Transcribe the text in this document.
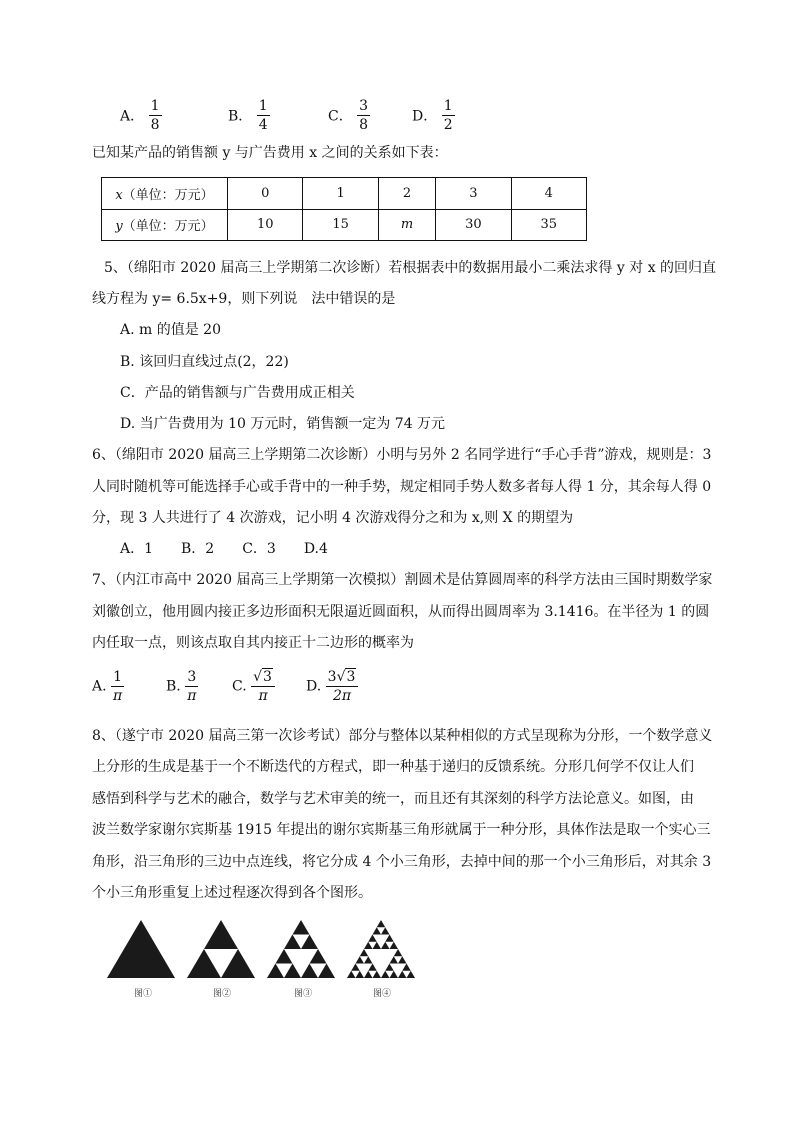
A． $\frac{1}{8}$	B． $\frac{1}{4}$	C． $\frac{3}{8}$	D． $\frac{1}{2}$
已知某产品的销售额 y 与广告费用 x 之间的关系如下表：
x（单位：万元）	0	1	2	3	4
y（单位：万元）	10	15	m	30	35
5、（绵阳市 2020 届高三上学期第二次诊断）若根据表中的数据用最小二乘法求得 y 对 x 的回归直
线方程为 y= 6.5x+9，则下列说　法中错误的是
A. m 的值是 20
B. 该回归直线过点(2，22)
C．产品的销售额与广告费用成正相关
D. 当广告费用为 10 万元时，销售额一定为 74 万元
6、（绵阳市 2020 届高三上学期第二次诊断）小明与另外 2 名同学进行“手心手背”游戏，规则是：3
人同时随机等可能选择手心或手背中的一种手势，规定相同手势人数多者每人得 1 分，其余每人得 0
分，现 3 人共进行了 4 次游戏，记小明 4 次游戏得分之和为 x,则 X 的期望为
A．1　　B．2　　C．3　　D.4
7、（内江市高中 2020 届高三上学期第一次模拟）割圆术是估算圆周率的科学方法由三国时期数学家
刘徽创立，他用圆内接正多边形面积无限逼近圆面积，从而得出圆周率为 3.1416。在半径为 1 的圆
内任取一点，则该点取自其内接正十二边形的概率为
A. $\frac{1}{\pi}$	B. $\frac{3}{\pi} C$. $\frac{√ 3}{\pi} D$. $\frac{3 √ 3}{2\pi}$
8、（遂宁市 2020 届高三第一次诊考试）部分与整体以某种相似的方式呈现称为分形，一个数学意义
上分形的生成是基于一个不断迭代的方程式，即一种基于递归的反馈系统。分形几何学不仅让人们
感悟到科学与艺术的融合，数学与艺术审美的统一，而且还有其深刻的科学方法论意义。如图，由
波兰数学家谢尔宾斯基 1915 年提出的谢尔宾斯基三角形就属于一种分形，具体作法是取一个实心三
角形，沿三角形的三边中点连线，将它分成 4 个小三角形，去掉中间的那一个小三角形后，对其余 3
个小三角形重复上述过程逐次得到各个图形。
图①	图②	图③	图④
